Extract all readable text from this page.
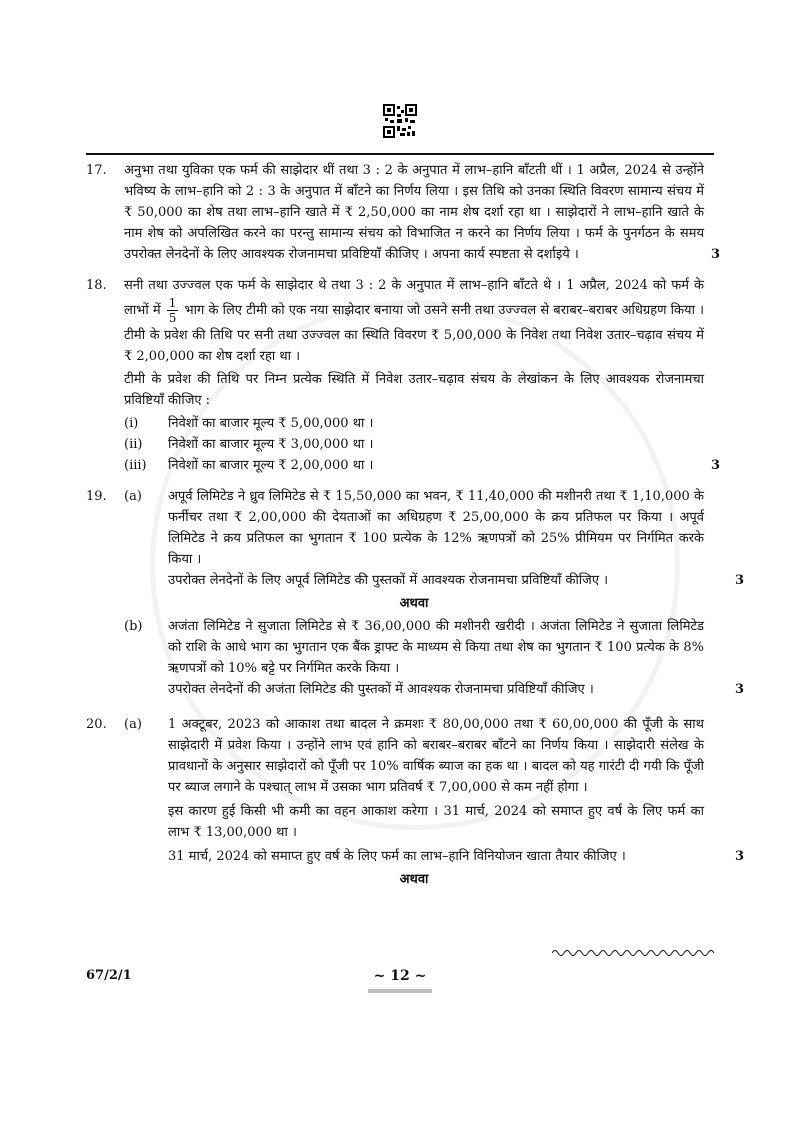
17.	अनुभा तथा युविका एक फर्म की साझेदार थीं तथा 3 : 2 के अनुपात में लाभ–हानि बाँटती थीं । 1 अप्रैल, 2024 से उन्होंने भविष्य के लाभ–हानि को 2 : 3 के अनुपात में बाँटने का निर्णय लिया । इस तिथि को उनका स्थिति विवरण सामान्य संचय में ₹ 50,000 का शेष तथा लाभ–हानि खाते में ₹ 2,50,000 का नाम शेष दर्शा रहा था । साझेदारों ने लाभ–हानि खाते के नाम शेष को अपलिखित करने का परन्तु सामान्य संचय को विभाजित न करने का निर्णय लिया । फर्म के पुनर्गठन के समय उपरोक्त लेनदेनों के लिए आवश्यक रोजनामचा प्रविष्टियाँ कीजिए । अपना कार्य स्पष्टता से दर्शाइये ।	3
18.	सनी तथा उज्ज्वल एक फर्म के साझेदार थे तथा 3 : 2 के अनुपात में लाभ–हानि बाँटते थे । 1 अप्रैल, 2024 को फर्म के लाभों में $\frac{1}{5}$ भाग के लिए टीमी को एक नया साझेदार बनाया जो उसने सनी तथा उज्ज्वल से बराबर–बराबर अधिग्रहण किया । टीमी के प्रवेश की तिथि पर सनी तथा उज्ज्वल का स्थिति विवरण ₹ 5,00,000 के निवेश तथा निवेश उतार–चढ़ाव संचय में ₹ 2,00,000 का शेष दर्शा रहा था ।
टीमी के प्रवेश की तिथि पर निम्न प्रत्येक स्थिति में निवेश उतार–चढ़ाव संचय के लेखांकन के लिए आवश्यक रोजनामचा प्रविष्टियाँ कीजिए :
(i)	निवेशों का बाजार मूल्य ₹ 5,00,000 था ।
(ii)	निवेशों का बाजार मूल्य ₹ 3,00,000 था ।
(iii)	निवेशों का बाजार मूल्य ₹ 2,00,000 था ।	3
19.	(a)	अपूर्व लिमिटेड ने ध्रुव लिमिटेड से ₹ 15,50,000 का भवन, ₹ 11,40,000 की मशीनरी तथा ₹ 1,10,000 के फर्नीचर तथा ₹ 2,00,000 की देयताओं का अधिग्रहण ₹ 25,00,000 के क्रय प्रतिफल पर किया । अपूर्व लिमिटेड ने क्रय प्रतिफल का भुगतान ₹ 100 प्रत्येक के 12% ऋणपत्रों को 25% प्रीमियम पर निर्गमित करके किया ।
उपरोक्त लेनदेनों के लिए अपूर्व लिमिटेड की पुस्तकों में आवश्यक रोजनामचा प्रविष्टियाँ कीजिए ।	3
अथवा
(b)	अजंता लिमिटेड ने सुजाता लिमिटेड से ₹ 36,00,000 की मशीनरी खरीदी । अजंता लिमिटेड ने सुजाता लिमिटेड को राशि के आधे भाग का भुगतान एक बैंक ड्राफ्ट के माध्यम से किया तथा शेष का भुगतान ₹ 100 प्रत्येक के 8% ऋणपत्रों को 10% बट्टे पर निर्गमित करके किया ।
उपरोक्त लेनदेनों की अजंता लिमिटेड की पुस्तकों में आवश्यक रोजनामचा प्रविष्टियाँ कीजिए ।	3
20.	(a)	1 अक्टूबर, 2023 को आकाश तथा बादल ने क्रमशः ₹ 80,00,000 तथा ₹ 60,00,000 की पूँजी के साथ साझेदारी में प्रवेश किया । उन्होंने लाभ एवं हानि को बराबर–बराबर बाँटने का निर्णय किया । साझेदारी संलेख के प्रावधानों के अनुसार साझेदारों को पूँजी पर 10% वार्षिक ब्याज का हक था । बादल को यह गारंटी दी गयी कि पूँजी पर ब्याज लगाने के पश्चात् लाभ में उसका भाग प्रतिवर्ष ₹ 7,00,000 से कम नहीं होगा ।
इस कारण हुई किसी भी कमी का वहन आकाश करेगा । 31 मार्च, 2024 को समाप्त हुए वर्ष के लिए फर्म का लाभ ₹ 13,00,000 था ।
31 मार्च, 2024 को समाप्त हुए वर्ष के लिए फर्म का लाभ–हानि विनियोजन खाता तैयार कीजिए ।	3
अथवा
67/2/1	~ 12 ~
